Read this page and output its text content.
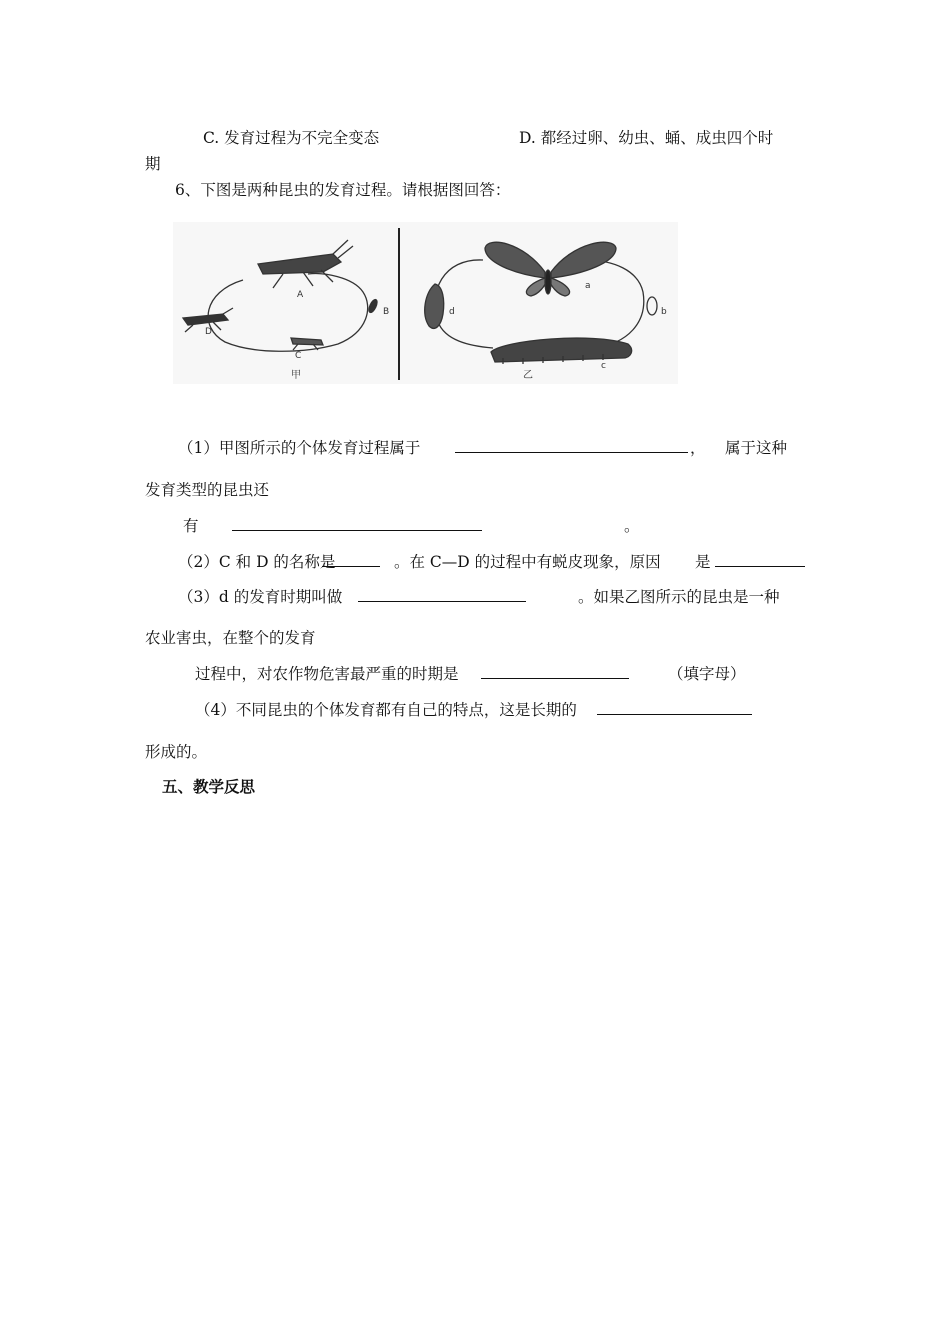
C. 发育过程为不完全变态	D. 都经过卵、幼虫、蛹、成虫四个时
期
6、下图是两种昆虫的发育过程。请根据图回答：
A
B
C
D
甲
a
b
c
d
乙
（1）甲图所示的个体发育过程属于	， 属于这种
发育类型的昆虫还
有	。
（2）C 和 D 的名称是	。在 C—D 的过程中有蜕皮现象，原因 是
（3）d 的发育时期叫做	。如果乙图所示的昆虫是一种
农业害虫，在整个的发育
过程中，对农作物危害最严重的时期是	（填字母）
（4）不同昆虫的个体发育都有自己的特点，这是长期的
形成的。
五、教学反思
